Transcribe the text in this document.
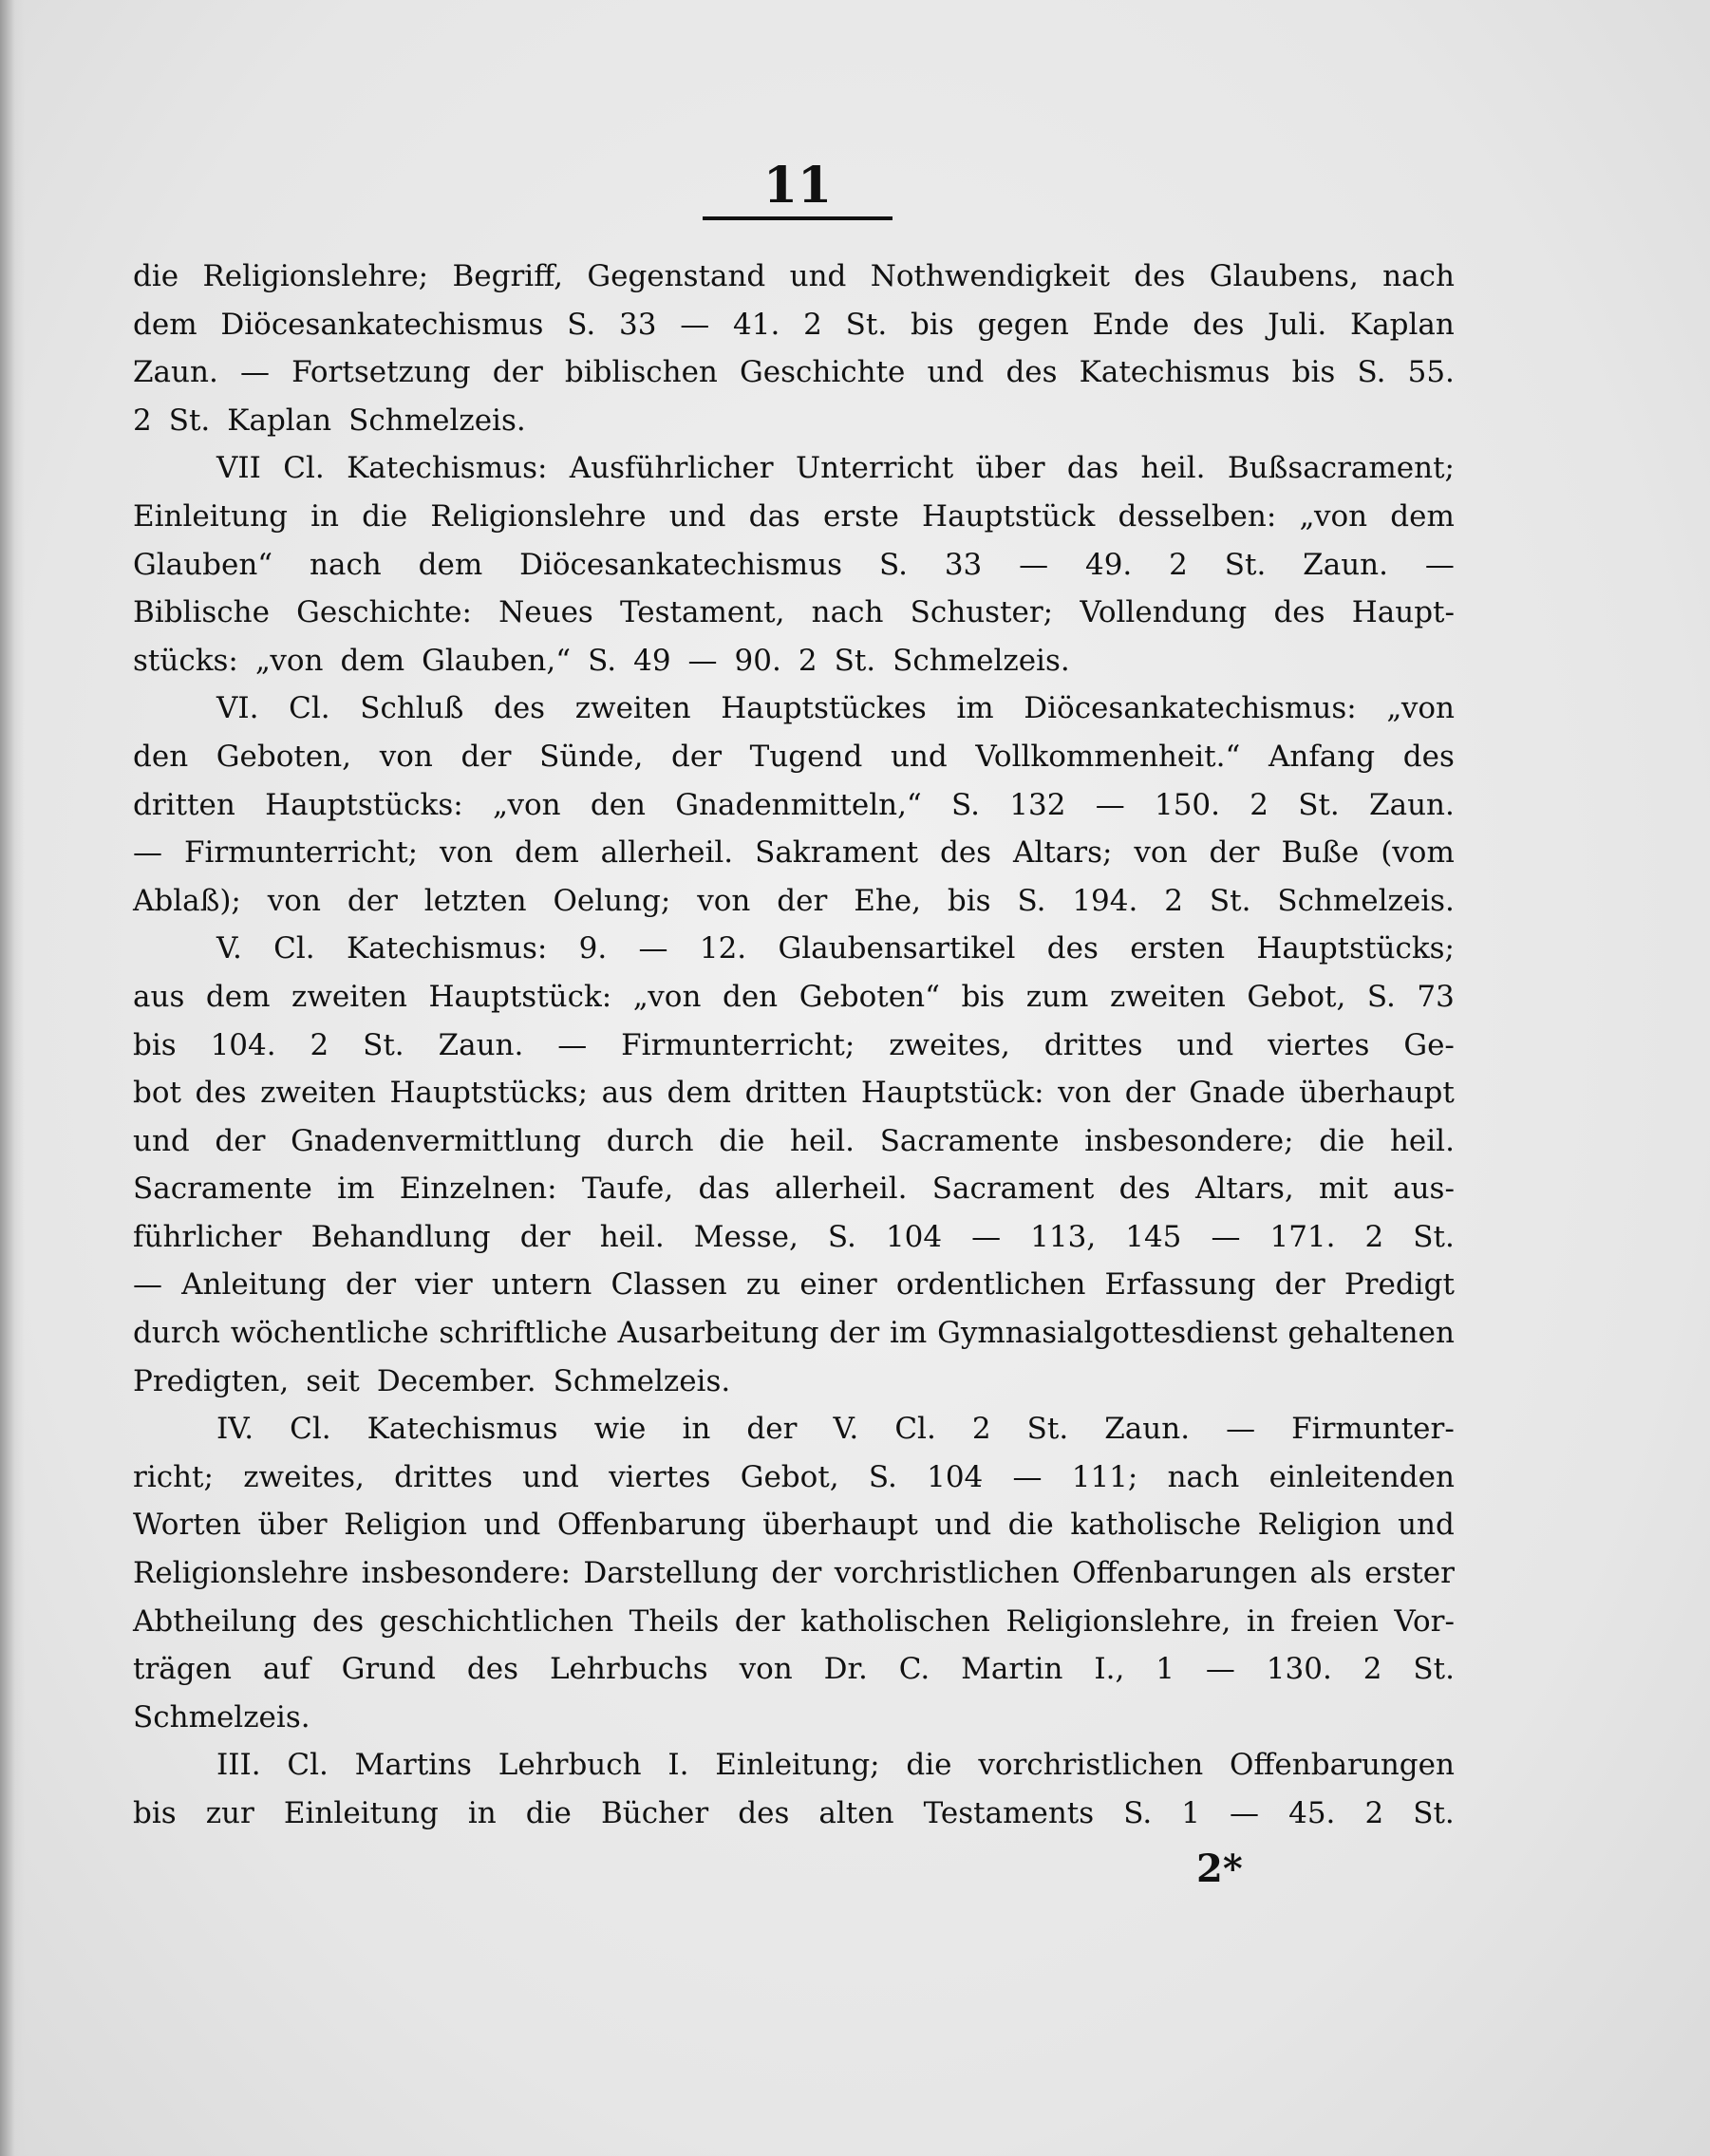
11
die Religionslehre; Begriff, Gegenstand und Nothwendigkeit des Glaubens, nach
dem Diöcesankatechismus S. 33 — 41. 2 St. bis gegen Ende des Juli. Kaplan
Zaun. — Fortsetzung der biblischen Geschichte und des Katechismus bis S. 55.
2 St. Kaplan Schmelzeis.
VII Cl. Katechismus: Ausführlicher Unterricht über das heil. Bußsacrament;
Einleitung in die Religionslehre und das erste Hauptstück desselben: „von dem
Glauben“ nach dem Diöcesankatechismus S. 33 — 49. 2 St. Zaun. —
Biblische Geschichte: Neues Testament, nach Schuster; Vollendung des Haupt-
stücks: „von dem Glauben,“ S. 49 — 90. 2 St. Schmelzeis.
VI. Cl. Schluß des zweiten Hauptstückes im Diöcesankatechismus: „von
den Geboten, von der Sünde, der Tugend und Vollkommenheit.“ Anfang des
dritten Hauptstücks: „von den Gnadenmitteln,“ S. 132 — 150. 2 St. Zaun.
— Firmunterricht; von dem allerheil. Sakrament des Altars; von der Buße (vom
Ablaß); von der letzten Oelung; von der Ehe, bis S. 194. 2 St. Schmelzeis.
V. Cl. Katechismus: 9. — 12. Glaubensartikel des ersten Hauptstücks;
aus dem zweiten Hauptstück: „von den Geboten“ bis zum zweiten Gebot, S. 73
bis 104. 2 St. Zaun. — Firmunterricht; zweites, drittes und viertes Ge-
bot des zweiten Hauptstücks; aus dem dritten Hauptstück: von der Gnade überhaupt
und der Gnadenvermittlung durch die heil. Sacramente insbesondere; die heil.
Sacramente im Einzelnen: Taufe, das allerheil. Sacrament des Altars, mit aus-
führlicher Behandlung der heil. Messe, S. 104 — 113, 145 — 171. 2 St.
— Anleitung der vier untern Classen zu einer ordentlichen Erfassung der Predigt
durch wöchentliche schriftliche Ausarbeitung der im Gymnasialgottesdienst gehaltenen
Predigten, seit December. Schmelzeis.
IV. Cl. Katechismus wie in der V. Cl. 2 St. Zaun. — Firmunter-
richt; zweites, drittes und viertes Gebot, S. 104 — 111; nach einleitenden
Worten über Religion und Offenbarung überhaupt und die katholische Religion und
Religionslehre insbesondere: Darstellung der vorchristlichen Offenbarungen als erster
Abtheilung des geschichtlichen Theils der katholischen Religionslehre, in freien Vor-
trägen auf Grund des Lehrbuchs von Dr. C. Martin I., 1 — 130. 2 St.
Schmelzeis.
III. Cl. Martins Lehrbuch I. Einleitung; die vorchristlichen Offenbarungen
bis zur Einleitung in die Bücher des alten Testaments S. 1 — 45. 2 St.
2*
